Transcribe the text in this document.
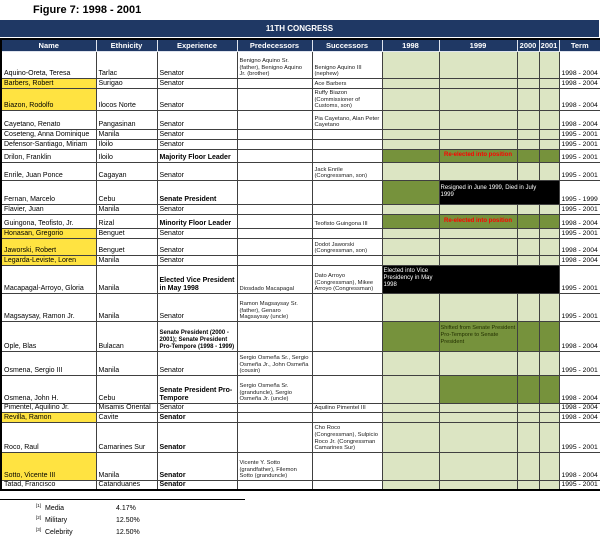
Figure 7: 1998 - 2001
11TH CONGRESS
Name	Ethnicity	Experience	Predecessors	Successors	1998	1999	2000	2001	Term
Aquino-Oreta, Teresa	Tarlac	Senator	Benigno Aquino Sr. (father), Benigno Aquino Jr. (brother)	Benigno Aquino III (nephew)					1998 - 2004
Barbers, Robert	Surigao	Senator		Ace Barbers					1998 - 2004
Biazon, Rodolfo	Ilocos Norte	Senator		Ruffy Biazon (Commissioner of Customs, son)					1998 - 2004
Cayetano, Renato	Pangasinan	Senator		Pia Cayetano, Alan Peter Cayetano					1998 - 2004
Coseteng, Anna Dominique	Manila	Senator							1995 - 2001
Defensor-Santiago, Miriam	Iloilo	Senator							1995 - 2001
Drilon, Franklin	Iloilo	Majority Floor Leader				Re-elected into position			1995 - 2001
Enrile, Juan Ponce	Cagayan	Senator		Jack Enrile (Congressman, son)					1995 - 2001
Fernan, Marcelo	Cebu	Senate President				Resigned in June 1999, Died in July 1999			1995 - 1999
Flavier, Juan	Manila	Senator							1995 - 2001
Guingona, Teofisto, Jr.	Rizal	Minority Floor Leader		Teofisto Guingona III		Re-elected into position			1998 - 2004
Honasan, Gregorio	Benguet	Senator							1995 - 2001
Jaworski, Robert	Benguet	Senator		Dodot Jaworski (Congressman, son)					1998 - 2004
Legarda-Leviste, Loren	Manila	Senator							1998 - 2004
Macapagal-Arroyo, Gloria	Manila	Elected Vice President in May 1998	Diosdado Macapagal	Dato Arroyo (Congressman), Mikee Arroyo (Congressman)	Elected into Vice Presidency in May 1998				1995 - 2001
Magsaysay, Ramon Jr.	Manila	Senator	Ramon Magsaysay Sr. (father), Genaro Magsaysay (uncle)						1995 - 2001
Ople, Blas	Bulacan	Senate President (2000 - 2001); Senate President Pro-Tempore (1998 - 1999)				Shifted from Senate President Pro-Tempore to Senate President			1998 - 2004
Osmena, Sergio III	Manila	Senator	Sergio Osmeña Sr., Sergio Osmeña Jr., John Osmeña (cousin)						1995 - 2001
Osmena, John H.	Cebu	Senate President Pro-Tempore	Sergio Osmeña Sr. (granduncle), Sergio Osmeña Jr. (uncle)						1998 - 2004
Pimentel, Aquilino Jr.	Misamis Oriental	Senator		Aquilino Pimentel III					1998 - 2004
Revilla, Ramon	Cavite	Senator							1998 - 2004
Roco, Raul	Camarines Sur	Senator		Cho Roco (Congressman), Sulpicio Roco Jr. (Congressman Camarines Sur)					1995 - 2001
Sotto, Vicente III	Manila	Senator	Vicente Y. Sotto (grandfather), Filemon Sotto (granduncle)						1998 - 2004
Tatad, Francisco	Catanduanes	Senator							1995 - 2001
[1] Media	4.17%
[2] Military	12.50%
[3] Celebrity	12.50%
